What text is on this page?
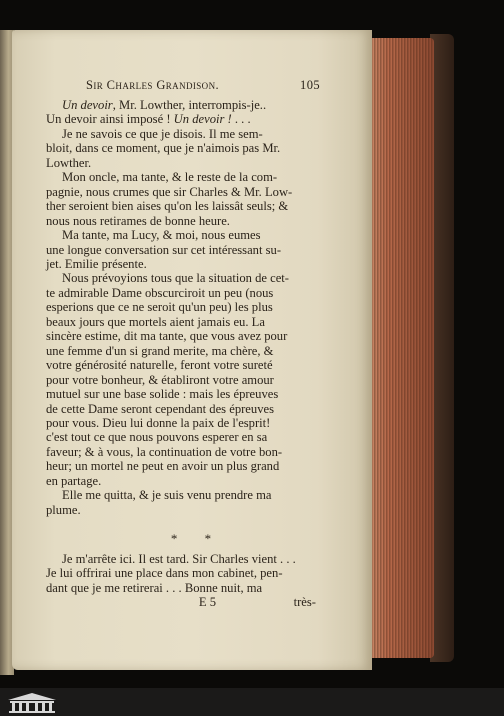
Sir Charles Grandison.	105
Un devoir, Mr. Lowther, interrompis-je..
Un devoir ainsi imposé ! Un devoir ! . . .
Je ne savois ce que je disois. Il me sem-
bloit, dans ce moment, que je n'aimois pas Mr.
Lowther.
Mon oncle, ma tante, & le reste de la com-
pagnie, nous crumes que sir Charles & Mr. Low-
ther seroient bien aises qu'on les laissât seuls; &
nous nous retirames de bonne heure.
Ma tante, ma Lucy, & moi, nous eumes
une longue conversation sur cet intéressant su-
jet. Emilie présente.
Nous prévoyions tous que la situation de cet-
te admirable Dame obscurciroit un peu (nous
esperions que ce ne seroit qu'un peu) les plus
beaux jours que mortels aient jamais eu. La
sincère estime, dit ma tante, que vous avez pour
une femme d'un si grand merite, ma chère, &
votre générosité naturelle, feront votre sureté
pour votre bonheur, & établiront votre amour
mutuel sur une base solide : mais les épreuves
de cette Dame seront cependant des épreuves
pour vous. Dieu lui donne la paix de l'esprit!
c'est tout ce que nous pouvons esperer en sa
faveur; & à vous, la continuation de votre bon-
heur; un mortel ne peut en avoir un plus grand
en partage.
Elle me quitta, & je suis venu prendre ma
plume.
* *
Je m'arrête ici. Il est tard. Sir Charles vient . . .
Je lui offrirai une place dans mon cabinet, pen-
dant que je me retirerai . . . Bonne nuit, ma
E 5	très-
